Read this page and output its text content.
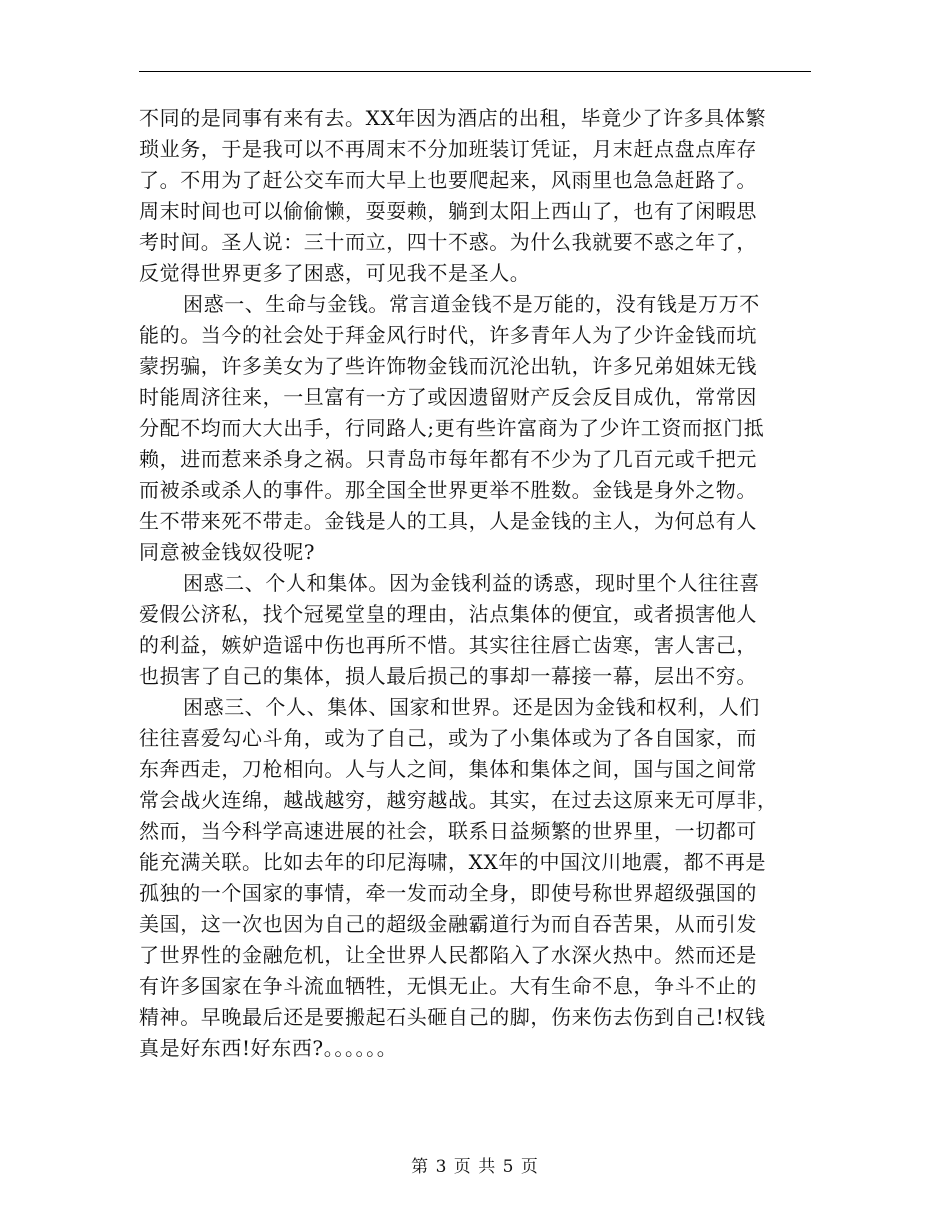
不同的是同事有来有去。XX年因为酒店的出租，毕竟少了许多具体繁
琐业务，于是我可以不再周末不分加班装订凭证，月末赶点盘点库存
了。不用为了赶公交车而大早上也要爬起来，风雨里也急急赶路了。
周末时间也可以偷偷懒，耍耍赖，躺到太阳上西山了，也有了闲暇思
考时间。圣人说：三十而立，四十不惑。为什么我就要不惑之年了，
反觉得世界更多了困惑，可见我不是圣人。
困惑一、生命与金钱。常言道金钱不是万能的，没有钱是万万不
能的。当今的社会处于拜金风行时代，许多青年人为了少许金钱而坑
蒙拐骗，许多美女为了些许饰物金钱而沉沦出轨，许多兄弟姐妹无钱
时能周济往来，一旦富有一方了或因遗留财产反会反目成仇，常常因
分配不均而大大出手，行同路人;更有些许富商为了少许工资而抠门抵
赖，进而惹来杀身之祸。只青岛市每年都有不少为了几百元或千把元
而被杀或杀人的事件。那全国全世界更举不胜数。金钱是身外之物。
生不带来死不带走。金钱是人的工具，人是金钱的主人，为何总有人
同意被金钱奴役呢?
困惑二、个人和集体。因为金钱利益的诱惑，现时里个人往往喜
爱假公济私，找个冠冕堂皇的理由，沾点集体的便宜，或者损害他人
的利益，嫉妒造谣中伤也再所不惜。其实往往唇亡齿寒，害人害己，
也损害了自己的集体，损人最后损己的事却一幕接一幕，层出不穷。
困惑三、个人、集体、国家和世界。还是因为金钱和权利，人们
往往喜爱勾心斗角，或为了自己，或为了小集体或为了各自国家，而
东奔西走，刀枪相向。人与人之间，集体和集体之间，国与国之间常
常会战火连绵，越战越穷，越穷越战。其实，在过去这原来无可厚非，
然而，当今科学高速进展的社会，联系日益频繁的世界里，一切都可
能充满关联。比如去年的印尼海啸，XX年的中国汶川地震，都不再是
孤独的一个国家的事情，牵一发而动全身，即使号称世界超级强国的
美国，这一次也因为自己的超级金融霸道行为而自吞苦果，从而引发
了世界性的金融危机，让全世界人民都陷入了水深火热中。然而还是
有许多国家在争斗流血牺牲，无惧无止。大有生命不息，争斗不止的
精神。早晚最后还是要搬起石头砸自己的脚，伤来伤去伤到自己!权钱
真是好东西!好东西?。。。。。。
第 3 页 共 5 页
